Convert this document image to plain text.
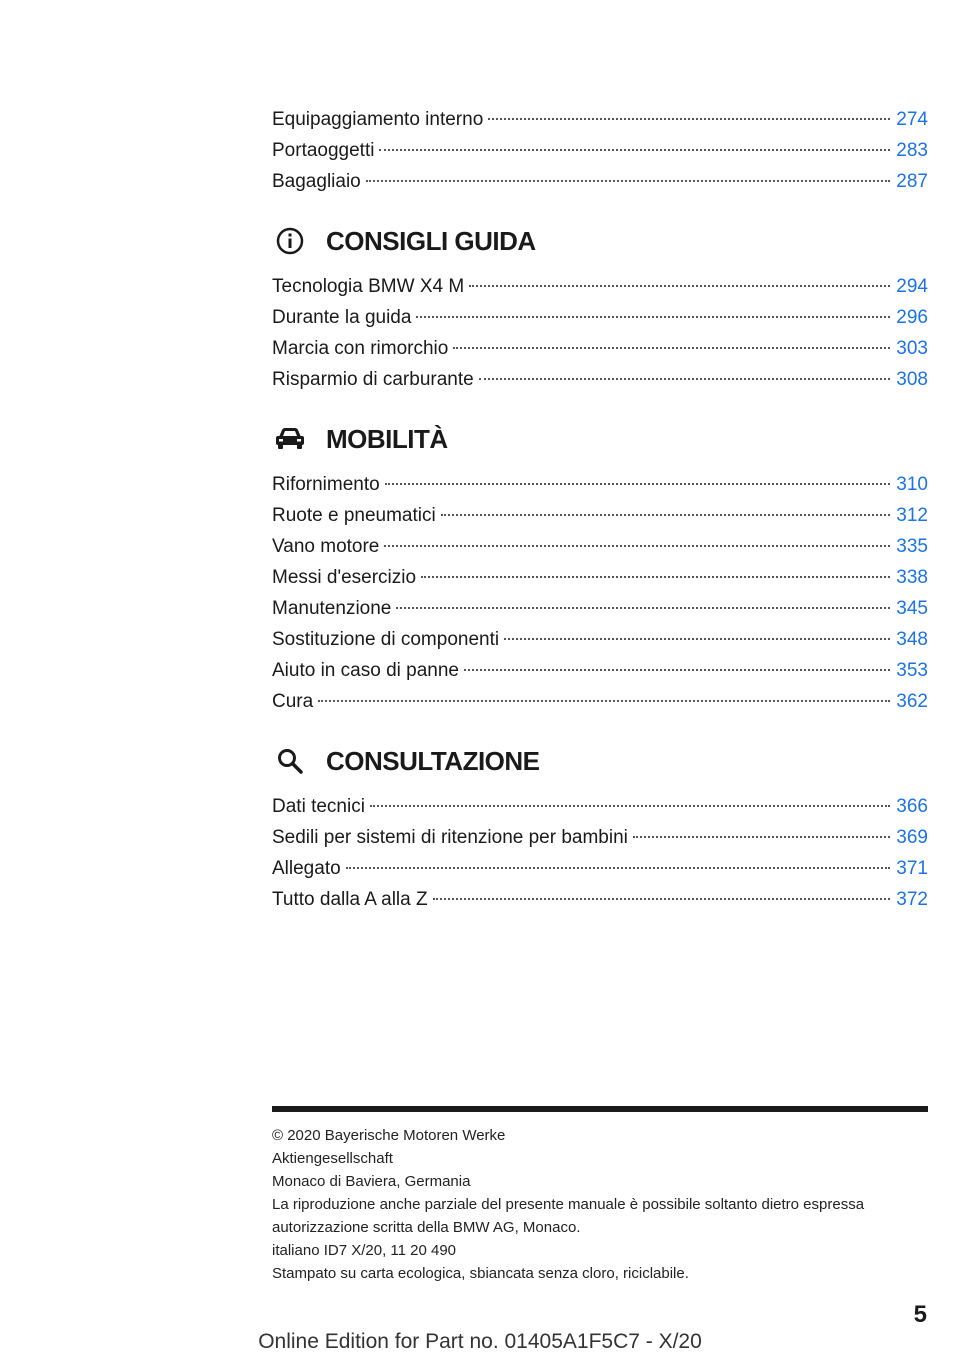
Equipaggiamento interno	274
Portaoggetti	283
Bagagliaio	287
CONSIGLI GUIDA
Tecnologia BMW X4 M	294
Durante la guida	296
Marcia con rimorchio	303
Risparmio di carburante	308
MOBILITÀ
Rifornimento	310
Ruote e pneumatici	312
Vano motore	335
Messi d'esercizio	338
Manutenzione	345
Sostituzione di componenti	348
Aiuto in caso di panne	353
Cura	362
CONSULTAZIONE
Dati tecnici	366
Sedili per sistemi di ritenzione per bambini	369
Allegato	371
Tutto dalla A alla Z	372
© 2020 Bayerische Motoren Werke
Aktiengesellschaft
Monaco di Baviera, Germania
La riproduzione anche parziale del presente manuale è possibile soltanto dietro espressa
autorizzazione scritta della BMW AG, Monaco.
italiano ID7 X/20, 11 20 490
Stampato su carta ecologica, sbiancata senza cloro, riciclabile.
5
Online Edition for Part no. 01405A1F5C7 - X/20
